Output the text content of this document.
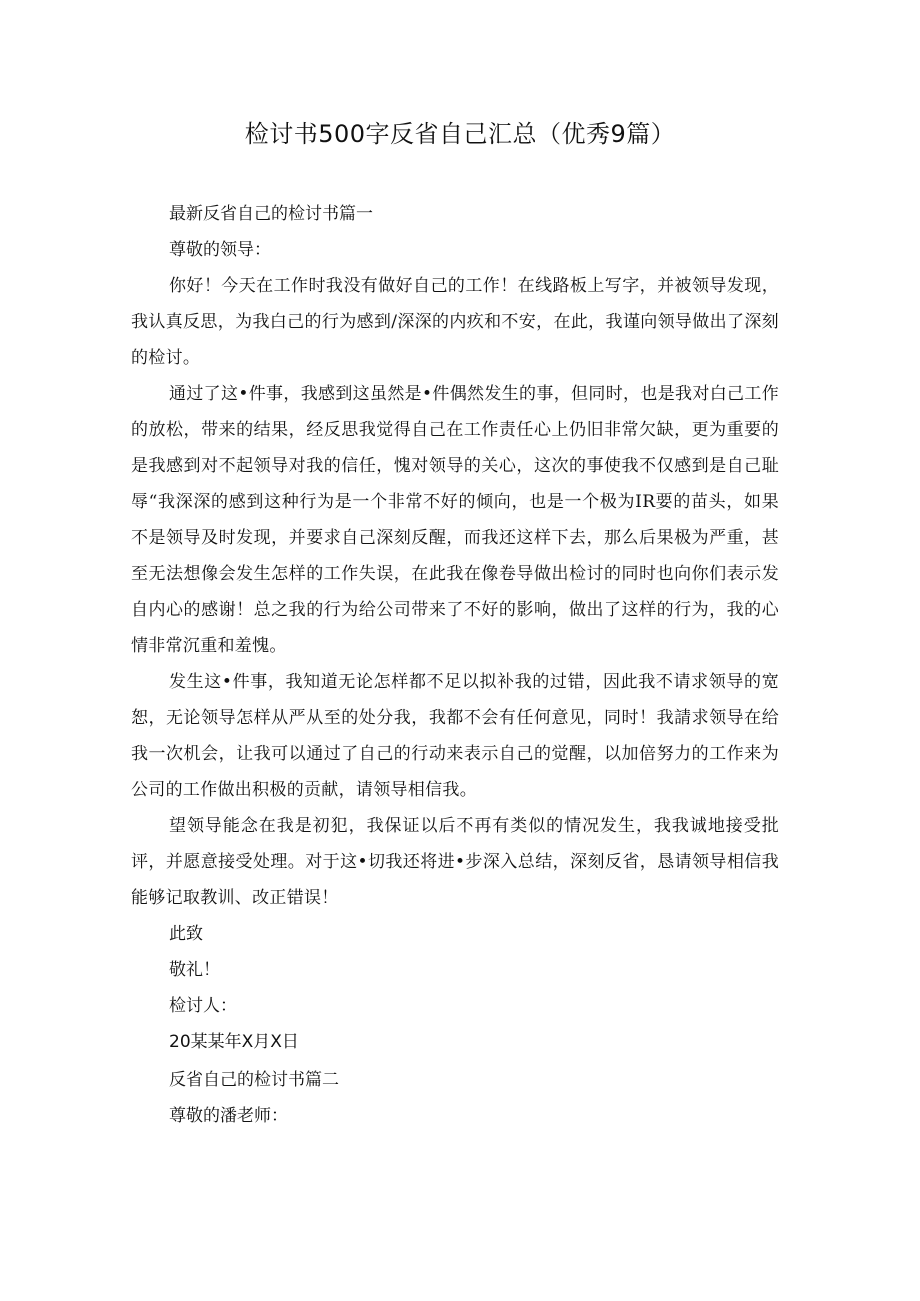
检讨书500字反省自己汇总（优秀9篇）

最新反省自己的检讨书篇一

尊敬的领导：

你好！今天在工作时我没有做好自己的工作！在线路板上写字，并被领导发现，我认真反思，为我白己的行为感到/深深的内疚和不安，在此，我谨向领导做出了深刻的检讨。

通过了这•件事，我感到这虽然是•件偶然发生的事，但同时，也是我对白己工作的放松，带来的结果，经反思我觉得自己在工作责任心上仍旧非常欠缺，更为重要的是我感到对不起领导对我的信任，愧对领导的关心，这次的事使我不仅感到是自己耻辱“我深深的感到这种行为是一个非常不好的倾向，也是一个极为IR要的苗头，如果不是领导及时发现，并要求自己深刻反醒，而我还这样下去，那么后果极为严重，甚至无法想像会发生怎样的工作失误，在此我在像卷导做出检讨的同时也向你们表示发自内心的感谢！总之我的行为给公司带来了不好的影响，做出了这样的行为，我的心情非常沉重和羞愧。

发生这•件事，我知道无论怎样都不足以拟补我的过错，因此我不请求领导的宽恕，无论领导怎样从严从至的处分我，我都不会有任何意见，同时！我請求领导在给我一次机会，让我可以通过了自己的行动来表示自己的觉醒，以加倍努力的工作来为公司的工作做出积极的贡献，请领导相信我。

望领导能念在我是初犯，我保证以后不再有类似的情况发生，我我诚地接受批评，并愿意接受处理。对于这•切我还将进•步深入总结，深刻反省，恳请领导相信我能够记取教训、改正错误！

此致

敬礼！

检讨人：

20某某年X月X日

反省自己的检讨书篇二

尊敬的潘老师：
